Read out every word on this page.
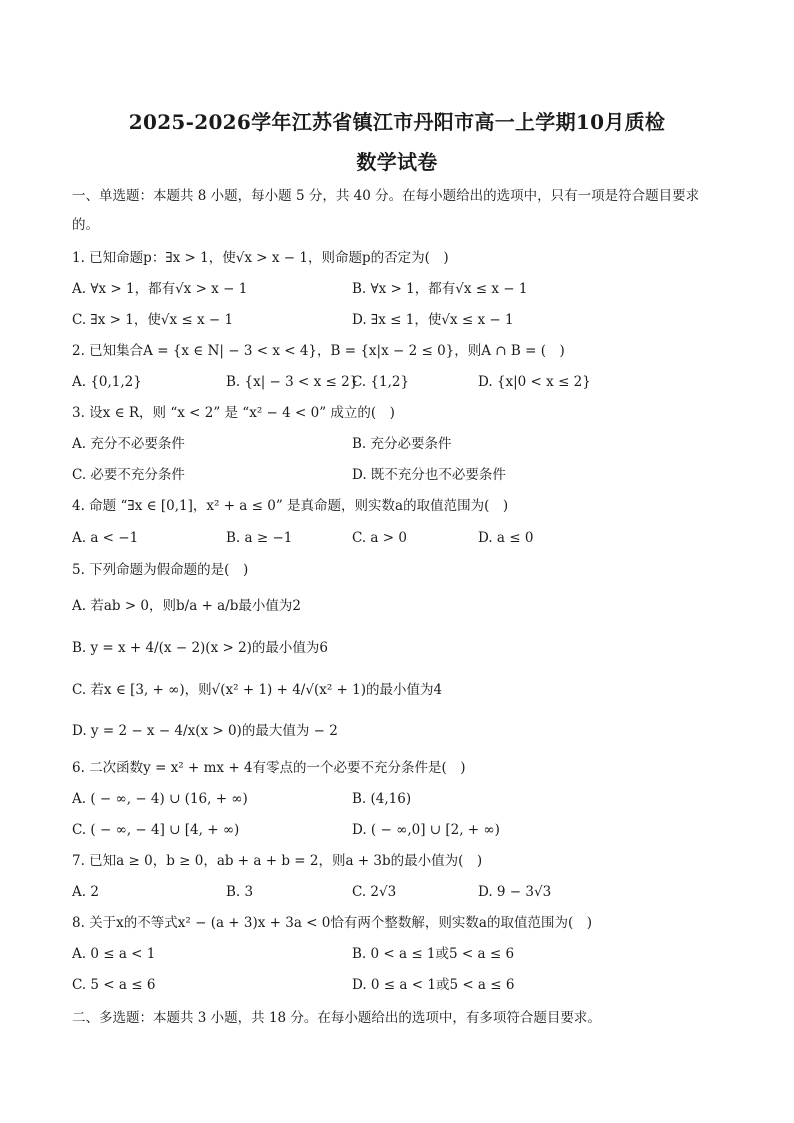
2025-2026学年江苏省镇江市丹阳市高一上学期10月质检
数学试卷
一、单选题：本题共 8 小题，每小题 5 分，共 40 分。在每小题给出的选项中，只有一项是符合题目要求
的。
1. 已知命题p：∃x > 1，使√x > x − 1，则命题p的否定为(　)
A. ∀x > 1，都有√x > x − 1	B. ∀x > 1，都有√x ≤ x − 1
C. ∃x > 1，使√x ≤ x − 1	D. ∃x ≤ 1，使√x ≤ x − 1
2. 已知集合A = {x ∈ N| − 3 < x < 4}，B = {x|x − 2 ≤ 0}，则A ∩ B = (　)
A. {0,1,2}	B. {x| − 3 < x ≤ 2}
C. {1,2}	D. {x|0 < x ≤ 2}
3. 设x ∈ R，则 “x < 2” 是 “x² − 4 < 0” 成立的(　)
A. 充分不必要条件	B. 充分必要条件
C. 必要不充分条件	D. 既不充分也不必要条件
4. 命题 “∃x ∈ [0,1]，x² + a ≤ 0” 是真命题，则实数a的取值范围为(　)
A. a < −1	B. a ≥ −1	C. a > 0	D. a ≤ 0
5. 下列命题为假命题的是(　)
A. 若ab > 0，则b/a + a/b最小值为2
B. y = x + 4/(x − 2)(x > 2)的最小值为6
C. 若x ∈ [3, + ∞)，则√(x² + 1) + 4/√(x² + 1)的最小值为4
D. y = 2 − x − 4/x(x > 0)的最大值为 − 2
6. 二次函数y = x² + mx + 4有零点的一个必要不充分条件是(　)
A. ( − ∞, − 4) ∪ (16, + ∞)	B. (4,16)
C. ( − ∞, − 4] ∪ [4, + ∞)	D. ( − ∞,0] ∪ [2, + ∞)
7. 已知a ≥ 0，b ≥ 0，ab + a + b = 2，则a + 3b的最小值为(　)
A. 2	B. 3	C. 2√3	D. 9 − 3√3
8. 关于x的不等式x² − (a + 3)x + 3a < 0恰有两个整数解，则实数a的取值范围为(　)
A. 0 ≤ a < 1	B. 0 < a ≤ 1或5 < a ≤ 6
C. 5 < a ≤ 6	D. 0 ≤ a < 1或5 < a ≤ 6
二、多选题：本题共 3 小题，共 18 分。在每小题给出的选项中，有多项符合题目要求。
